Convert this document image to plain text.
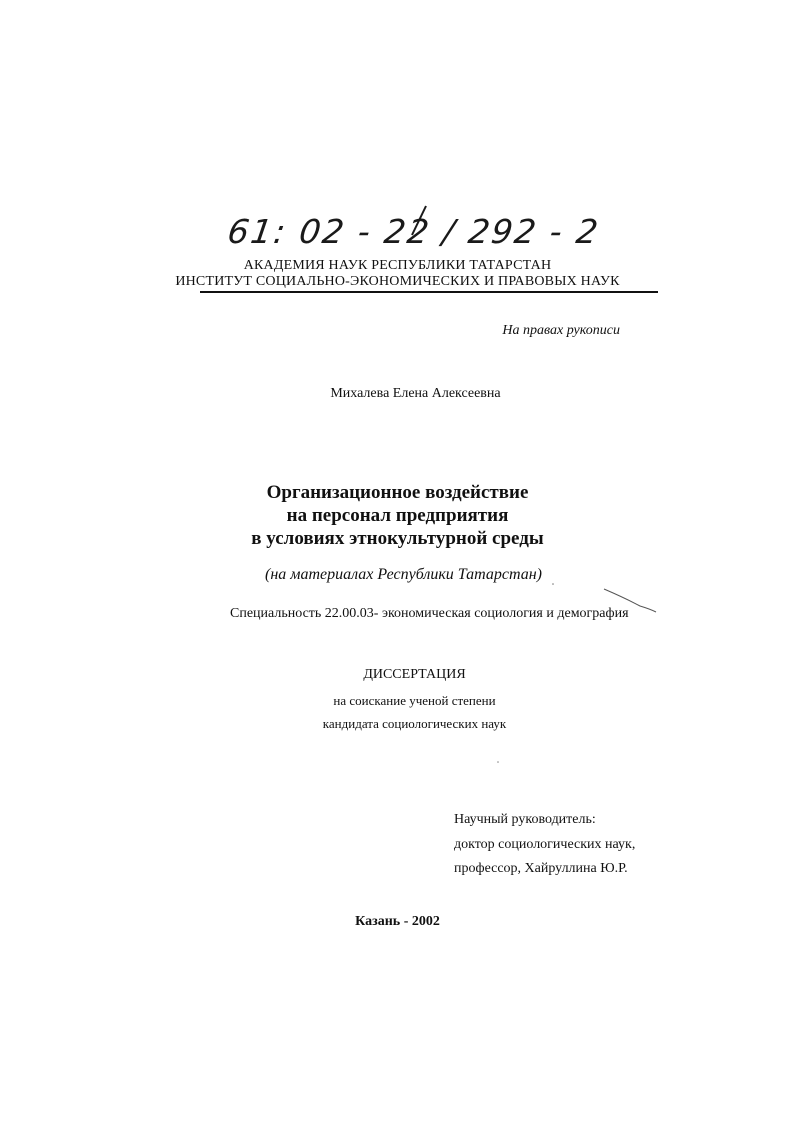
61: 02 - 22 / 292 - 2
АКАДЕМИЯ НАУК РЕСПУБЛИКИ ТАТАРСТАН
ИНСТИТУТ СОЦИАЛЬНО-ЭКОНОМИЧЕСКИХ И ПРАВОВЫХ НАУК
На правах рукописи
Михалева Елена Алексеевна
Организационное воздействие
на персонал предприятия
в условиях этнокультурной среды
(на материалах Республики Татарстан)
Специальность 22.00.03- экономическая социология и демография
ДИССЕРТАЦИЯ
на соискание ученой степени
кандидата социологических наук
Научный руководитель:
доктор социологических наук,
профессор, Хайруллина Ю.Р.
Казань - 2002
